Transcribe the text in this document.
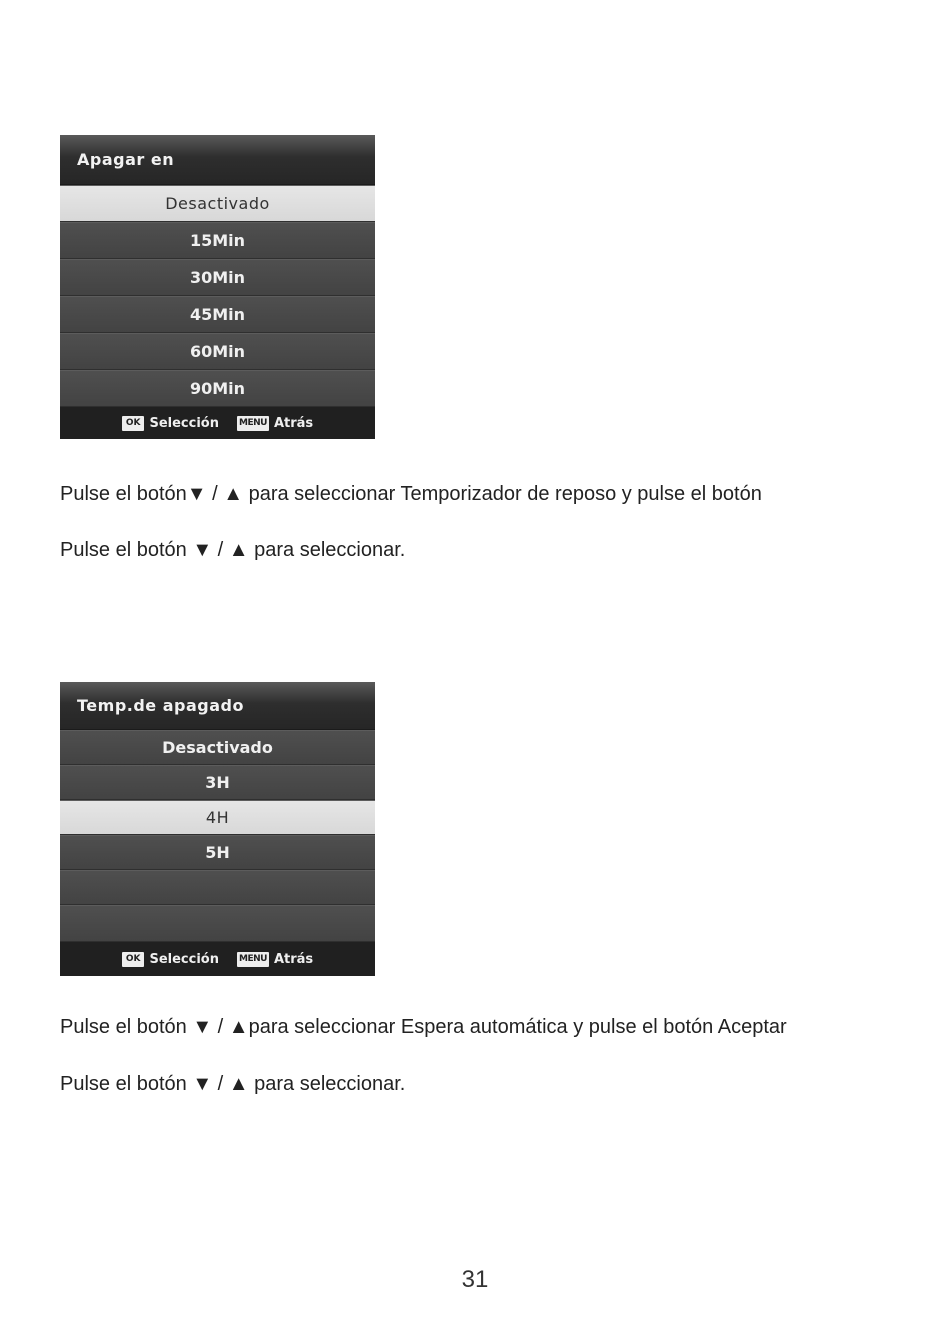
Apagar en
Desactivado
15Min
30Min
45Min
60Min
90Min
OK Selección MENU Atrás
Pulse el botón▼ / ▲ para seleccionar Temporizador de reposo y pulse el botón
Pulse el botón ▼ / ▲ para seleccionar.
Temp.de apagado
Desactivado
3H
4H
5H
OK Selección MENU Atrás
Pulse el botón ▼ / ▲para seleccionar Espera automática y pulse el botón Aceptar
Pulse el botón ▼ / ▲ para seleccionar.
31
